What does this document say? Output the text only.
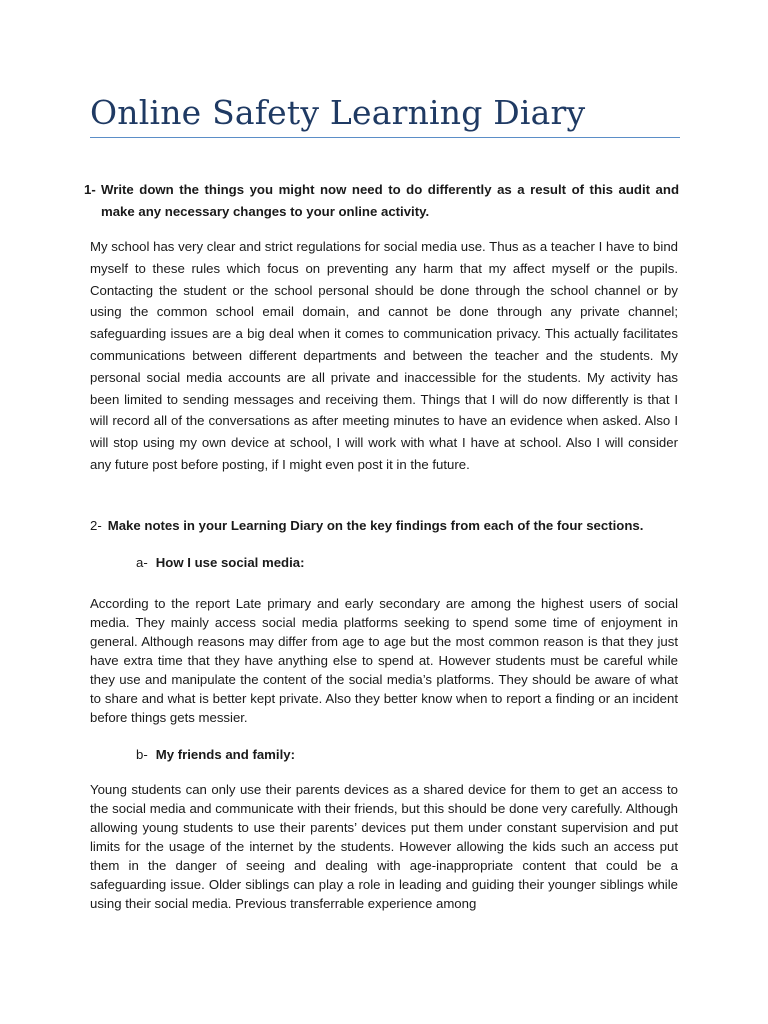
Online Safety Learning Diary
1- Write down the things you might now need to do differently as a result of this audit and make any necessary changes to your online activity.

My school has very clear and strict regulations for social media use. Thus as a teacher I have to bind myself to these rules which focus on preventing any harm that my affect myself or the pupils. Contacting the student or the school personal should be done through the school channel or by using the common school email domain, and cannot be done through any private channel; safeguarding issues are a big deal when it comes to communication privacy. This actually facilitates communications between different departments and between the teacher and the students. My personal social media accounts are all private and inaccessible for the students. My activity has been limited to sending messages and receiving them. Things that I will do now differently is that I will record all of the conversations as after meeting minutes to have an evidence when asked. Also I will stop using my own device at school, I will work with what I have at school. Also I will consider any future post before posting, if I might even post it in the future.

2- Make notes in your Learning Diary on the key findings from each of the four sections.
a- How I use social media:

According to the report Late primary and early secondary are among the highest users of social media. They mainly access social media platforms seeking to spend some time of enjoyment in general. Although reasons may differ from age to age but the most common reason is that they just have extra time that they have anything else to spend at. However students must be careful while they use and manipulate the content of the social media’s platforms. They should be aware of what to share and what is better kept private. Also they better know when to report a finding or an incident before things gets messier.

b- My friends and family:

Young students can only use their parents devices as a shared device for them to get an access to the social media and communicate with their friends, but this should be done very carefully. Although allowing young students to use their parents’ devices put them under constant supervision and put limits for the usage of the internet by the students. However allowing the kids such an access put them in the danger of seeing and dealing with age-inappropriate content that could be a safeguarding issue. Older siblings can play a role in leading and guiding their younger siblings while using their social media. Previous transferrable experience among
